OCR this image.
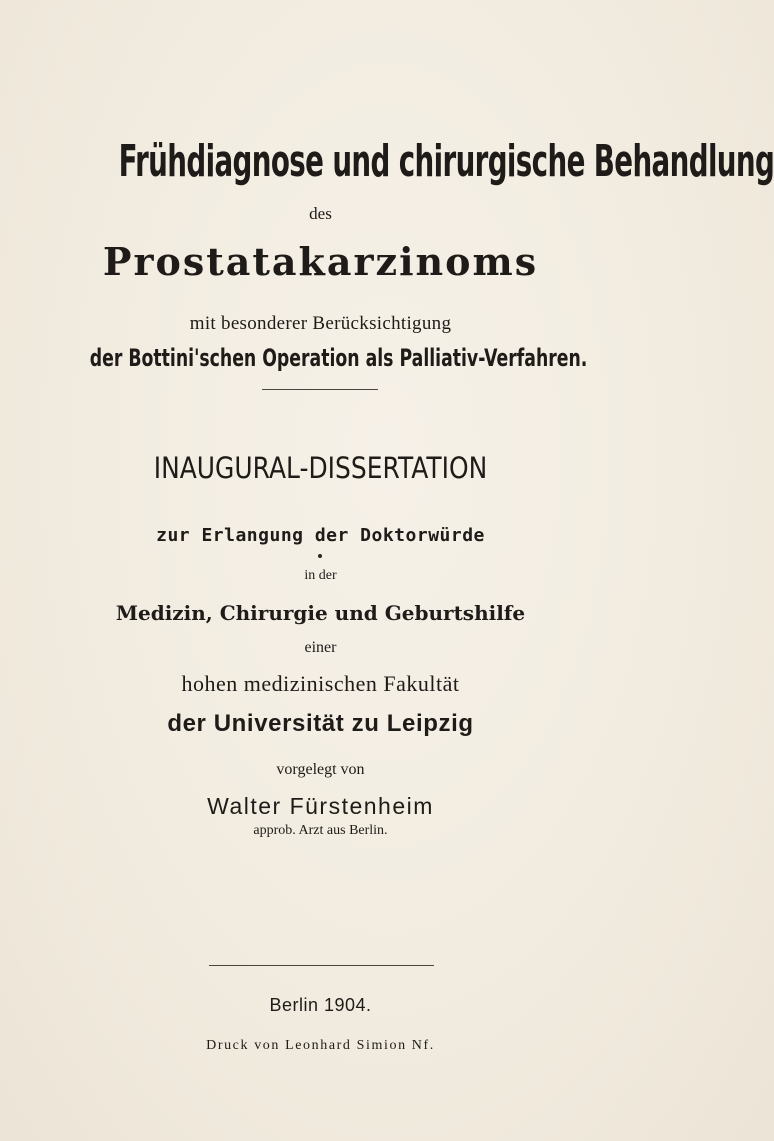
Frühdiagnose und chirurgische Behandlung
des
Prostatakarzinoms
mit besonderer Berücksichtigung
der Bottini'schen Operation als Palliativ-Verfahren.
INAUGURAL-DISSERTATION
zur Erlangung der Doktorwürde
in der
Medizin, Chirurgie und Geburtshilfe
einer
hohen medizinischen Fakultät
der Universität zu Leipzig
vorgelegt von
Walter Fürstenheim
approb. Arzt aus Berlin.
Berlin 1904.
Druck von Leonhard Simion Nf.
